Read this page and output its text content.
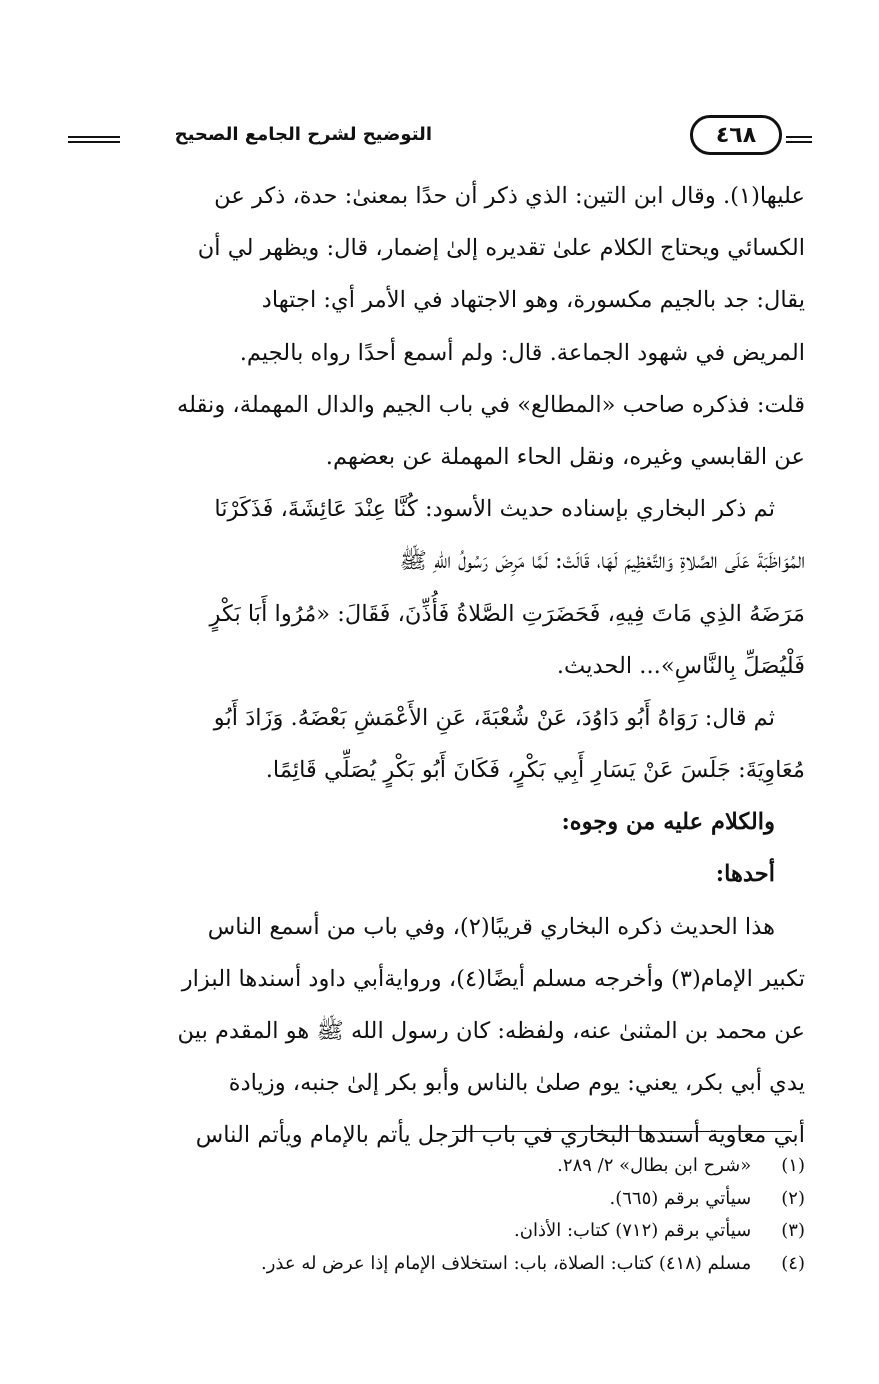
التوضيح لشرح الجامع الصحيح	٤٦٨
عليها(١). وقال ابن التين: الذي ذكر أن حدًا بمعنىٰ: حدة، ذكر عن
الكسائي ويحتاج الكلام علىٰ تقديره إلىٰ إضمار، قال: ويظهر لي أن
يقال: جد بالجيم مكسورة، وهو الاجتهاد في الأمر أي: اجتهاد
المريض في شهود الجماعة. قال: ولم أسمع أحدًا رواه بالجيم.
قلت: فذكره صاحب «المطالع» في باب الجيم والدال المهملة، ونقله
عن القابسي وغيره، ونقل الحاء المهملة عن بعضهم.
ثم ذكر البخاري بإسناده حديث الأسود: كُنَّا عِنْدَ عَائِشَةَ، فَذَكَرْنَا
المُوَاظَبَةَ عَلَى الصَّلاةِ وَالتَّعْظِيمَ لَهَا، قَالَتْ: لَمَّا مَرِضَ رَسُولُ اللهِ ﷺ
مَرَضَهُ الذِي مَاتَ فِيهِ، فَحَضَرَتِ الصَّلاةُ فَأُذِّنَ، فَقَالَ: «مُرُوا أَبَا بَكْرٍ
فَلْيُصَلِّ بِالنَّاسِ»... الحديث.
ثم قال: رَوَاهُ أَبُو دَاوُدَ، عَنْ شُعْبَةَ، عَنِ الأَعْمَشِ بَعْضَهُ. وَزَادَ أَبُو
مُعَاوِيَةَ: جَلَسَ عَنْ يَسَارِ أَبِي بَكْرٍ، فَكَانَ أَبُو بَكْرٍ يُصَلِّي قَائِمًا.
والكلام عليه من وجوه:
أحدها:
هذا الحديث ذكره البخاري قريبًا(٢)، وفي باب من أسمع الناس
تكبير الإمام(٣) وأخرجه مسلم أيضًا(٤)، وروايةأبي داود أسندها البزار
عن محمد بن المثنىٰ عنه، ولفظه: كان رسول الله ﷺ هو المقدم بين
يدي أبي بكر، يعني: يوم صلىٰ بالناس وأبو بكر إلىٰ جنبه، وزيادة
أبي معاوية أسندها البخاري في باب الرجل يأتم بالإمام ويأتم الناس
(١) «شرح ابن بطال» ٢/ ٢٨٩.
(٢) سيأتي برقم (٦٦٥).
(٣) سيأتي برقم (٧١٢) كتاب: الأذان.
(٤) مسلم (٤١٨) كتاب: الصلاة، باب: استخلاف الإمام إذا عرض له عذر.
